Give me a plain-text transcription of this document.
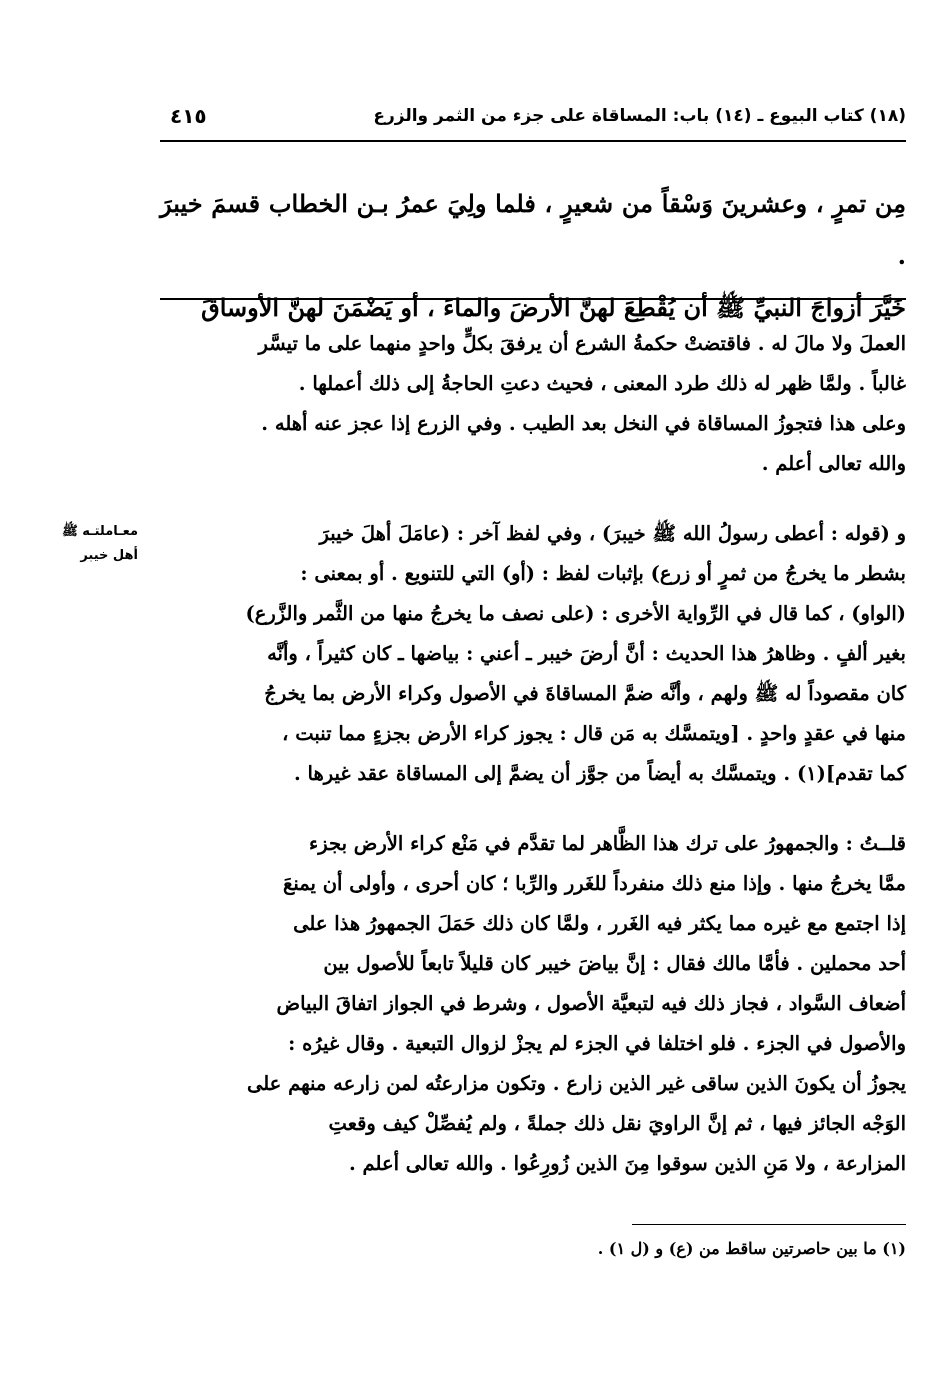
(١٨) كتاب البيوع ـ (١٤) باب: المساقاة على جزء من الثمر والزرع
٤١٥
مِن تمرٍ ، وعشرينَ وَسْقاً من شعيرٍ ، فلما ولِيَ عمرُ بـن الخطاب قسمَ خيبرَ .
خَيَّرَ أزواجَ النبيِّ ﷺ أن يُقْطِعَ لهنَّ الأرضَ والماءَ ، أو يَضْمَنَ لهنَّ الأوساقَ

العملَ ولا مالَ له . فاقتضتْ حكمةُ الشرع أن يرفقَ بكلٍّ واحدٍ منهما على ما تيسَّر

غالباً . ولمَّا ظهر له ذلك طرد المعنى ، فحيث دعتِ الحاجةُ إلى ذلك أعملها .

وعلى هذا فتجوزُ المساقاة في النخل بعد الطيب . وفي الزرع إذا عجز عنه أهله .

والله تعالى أعلم .

معـاملتـه ﷺ
أهل خيبر

و (قوله : أعطى رسولُ الله ﷺ خيبرَ) ، وفي لفظ آخر : (عامَلَ أهلَ خيبرَ

بشطر ما يخرجُ من ثمرٍ أو زرع) بإثبات لفظ : (أو) التي للتنويع . أو بمعنى :

(الواو) ، كما قال في الرِّواية الأخرى : (على نصف ما يخرجُ منها من الثَّمر والزَّرع)

بغير ألفٍ . وظاهرُ هذا الحديث : أنَّ أرضَ خيبر ـ أعني : بياضها ـ كان كثيراً ، وأنَّه

كان مقصوداً له ﷺ ولهم ، وأنَّه ضمَّ المساقاةَ في الأصول وكراء الأرض بما يخرجُ

منها في عقدٍ واحدٍ . [ويتمسَّك به مَن قال : يجوز كراء الأرض بجزءٍ مما تنبت ،

كما تقدم](١) . ويتمسَّك به أيضاً من جوَّز أن يضمَّ إلى المساقاة عقد غيرها .

قلــتُ : والجمهورُ على ترك هذا الظَّاهر لما تقدَّم في مَنْع كراء الأرض بجزء

ممَّا يخرجُ منها . وإذا منع ذلك منفرداً للغَرر والرِّبا ؛ كان أحرى ، وأولى أن يمنعَ

إذا اجتمع مع غيره مما يكثر فيه الغَرر ، ولمَّا كان ذلك حَمَلَ الجمهورُ هذا على

أحد محملين . فأمَّا مالك فقال : إنَّ بياضَ خيبر كان قليلاً تابعاً للأصول بين

أضعاف السَّواد ، فجاز ذلك فيه لتبعيَّة الأصول ، وشرط في الجواز اتفاقَ البياض

والأصول في الجزء . فلو اختلفا في الجزء لم يجزْ لزوال التبعية . وقال غيرُه :

يجوزُ أن يكونَ الذين ساقى غير الذين زارع . وتكون مزارعتُه لمن زارعه منهم على

الوَجْه الجائز فيها ، ثم إنَّ الراويَ نقل ذلك جملةً ، ولم يُفصِّلْ كيف وقعتِ

المزارعة ، ولا مَنِ الذين سوقوا مِنَ الذين زُورِعُوا . والله تعالى أعلم .

(١) ما بين حاصرتين ساقط من (ع) و (ل ١) .
